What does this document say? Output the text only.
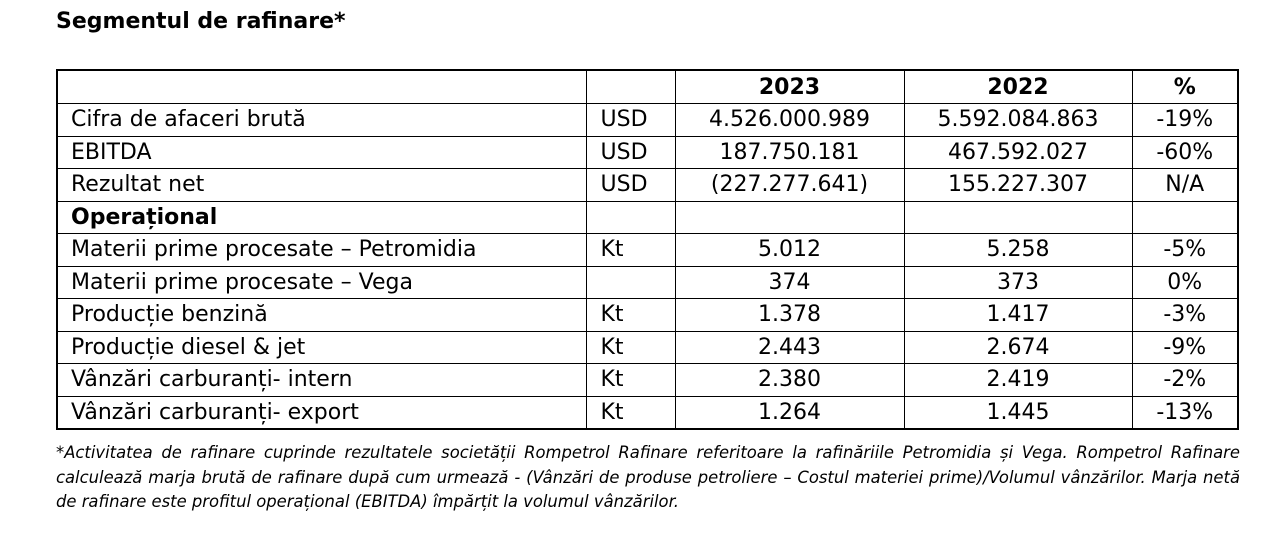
Segmentul de rafinare*
		2023	2022	%
Cifra de afaceri brută	USD	4.526.000.989	5.592.084.863	-19%
EBITDA	USD	187.750.181	467.592.027	-60%
Rezultat net	USD	(227.277.641)	155.227.307	N/A
Operațional				
Materii prime procesate – Petromidia	Kt	5.012	5.258	-5%
Materii prime procesate – Vega		374	373	0%
Producție benzină	Kt	1.378	1.417	-3%
Producție diesel & jet	Kt	2.443	2.674	-9%
Vânzări carburanți- intern	Kt	2.380	2.419	-2%
Vânzări carburanți- export	Kt	1.264	1.445	-13%
*Activitatea de rafinare cuprinde rezultatele societății Rompetrol Rafinare referitoare la rafinăriile Petromidia și Vega. Rompetrol Rafinare calculează marja brută de rafinare după cum urmează - (Vânzări de produse petroliere – Costul materiei prime)/Volumul vânzărilor. Marja netă de rafinare este profitul operațional (EBITDA) împărțit la volumul vânzărilor.
